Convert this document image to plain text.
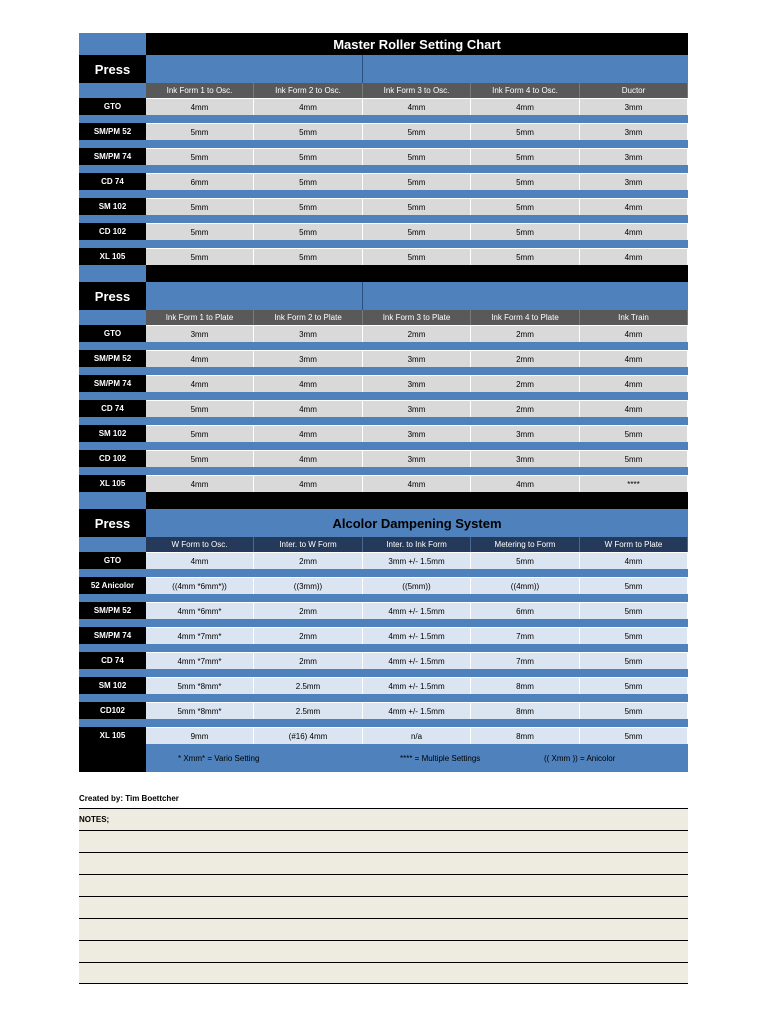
Master Roller Setting Chart
Press
Ink Form 1 to Osc.	Ink Form 2 to Osc.	Ink Form 3 to Osc.	Ink Form 4 to Osc.	Ductor
GTO	4mm	4mm	4mm	4mm	3mm
SM/PM 52	5mm	5mm	5mm	5mm	3mm
SM/PM 74	5mm	5mm	5mm	5mm	3mm
CD 74	6mm	5mm	5mm	5mm	3mm
SM 102	5mm	5mm	5mm	5mm	4mm
CD 102	5mm	5mm	5mm	5mm	4mm
XL 105	5mm	5mm	5mm	5mm	4mm
Press
Ink Form 1 to Plate	Ink Form 2 to Plate	Ink Form 3 to Plate	Ink Form 4 to Plate	Ink Train
GTO	3mm	3mm	2mm	2mm	4mm
SM/PM 52	4mm	3mm	3mm	2mm	4mm
SM/PM 74	4mm	4mm	3mm	2mm	4mm
CD 74	5mm	4mm	3mm	2mm	4mm
SM 102	5mm	4mm	3mm	3mm	5mm
CD 102	5mm	4mm	3mm	3mm	5mm
XL 105	4mm	4mm	4mm	4mm	****
Press	Alcolor Dampening System
W Form to Osc.	Inter. to W Form	Inter. to Ink Form	Metering to Form	W Form to Plate
GTO	4mm	2mm	3mm +/- 1.5mm	5mm	4mm
52 Anicolor	((4mm *6mm*))	((3mm))	((5mm))	((4mm))	5mm
SM/PM 52	4mm *6mm*	2mm	4mm +/- 1.5mm	6mm	5mm
SM/PM 74	4mm *7mm*	2mm	4mm +/- 1.5mm	7mm	5mm
CD 74	4mm *7mm*	2mm	4mm +/- 1.5mm	7mm	5mm
SM 102	5mm *8mm*	2.5mm	4mm +/- 1.5mm	8mm	5mm
CD102	5mm *8mm*	2.5mm	4mm +/- 1.5mm	8mm	5mm
XL 105	9mm	(#16) 4mm	n/a	8mm	5mm
* Xmm* = Vario Setting	**** = Multiple Settings	(( Xmm )) = Anicolor
Created by: Tim Boettcher
NOTES;
